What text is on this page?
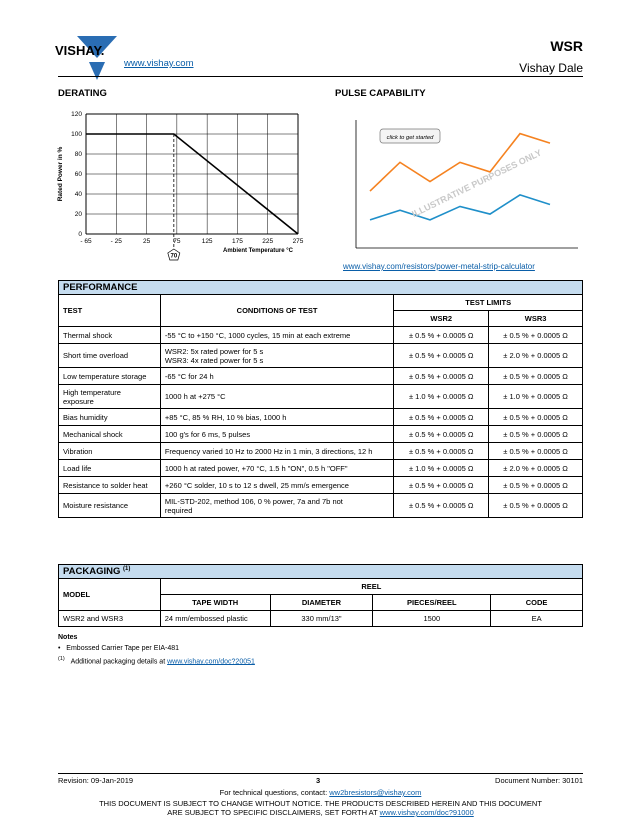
VISHAY.
www.vishay.com
WSR
Vishay Dale
DERATING
0
20
40
60
80
100
120
- 65	- 25	25	75	125	175	225	275
70
Rated Power in %
Ambient Temperature °C
PULSE CAPABILITY
click to get started
ILLUSTRATIVE PURPOSES ONLY
www.vishay.com/resistors/power-metal-strip-calculator
PERFORMANCE			
TEST	CONDITIONS OF TEST	TEST LIMITS	
		WSR2	WSR3
Thermal shock	-55 °C to +150 °C, 1000 cycles, 15 min at each extreme	± 0.5 % + 0.0005 Ω	± 0.5 % + 0.0005 Ω
Short time overload	WSR2: 5x rated power for 5 s
WSR3: 4x rated power for 5 s	± 0.5 % + 0.0005 Ω	± 2.0 % + 0.0005 Ω
Low temperature storage	-65 °C for 24 h	± 0.5 % + 0.0005 Ω	± 0.5 % + 0.0005 Ω
High temperature
exposure	1000 h at +275 °C	± 1.0 % + 0.0005 Ω	± 1.0 % + 0.0005 Ω
Bias humidity	+85 °C, 85 % RH, 10 % bias, 1000 h	± 0.5 % + 0.0005 Ω	± 0.5 % + 0.0005 Ω
Mechanical shock	100 g's for 6 ms, 5 pulses	± 0.5 % + 0.0005 Ω	± 0.5 % + 0.0005 Ω
Vibration	Frequency varied 10 Hz to 2000 Hz in 1 min, 3 directions, 12 h	± 0.5 % + 0.0005 Ω	± 0.5 % + 0.0005 Ω
Load life	1000 h at rated power, +70 °C, 1.5 h "ON", 0.5 h "OFF"	± 1.0 % + 0.0005 Ω	± 2.0 % + 0.0005 Ω
Resistance to solder heat	+260 °C solder, 10 s to 12 s dwell, 25 mm/s emergence	± 0.5 % + 0.0005 Ω	± 0.5 % + 0.0005 Ω
Moisture resistance	MIL-STD-202, method 106, 0 % power, 7a and 7b not
required	± 0.5 % + 0.0005 Ω	± 0.5 % + 0.0005 Ω
PACKAGING $^{(1)}$
MODEL	REEL			
	TAPE WIDTH	DIAMETER	PIECES/REEL	CODE
WSR2 and WSR3	24 mm/embossed plastic	330 mm/13"	1500	EA
Notes
•   Embossed Carrier Tape per EIA-481
$^{(1)}$ Additional packaging details at www.vishay.com/doc?20051
Revision: 09-Jan-2019	3	Document Number: 30101
For technical questions, contact: ww2bresistors@vishay.com
THIS DOCUMENT IS SUBJECT TO CHANGE WITHOUT NOTICE. THE PRODUCTS DESCRIBED HEREIN AND THIS DOCUMENT
ARE SUBJECT TO SPECIFIC DISCLAIMERS, SET FORTH AT www.vishay.com/doc?91000
